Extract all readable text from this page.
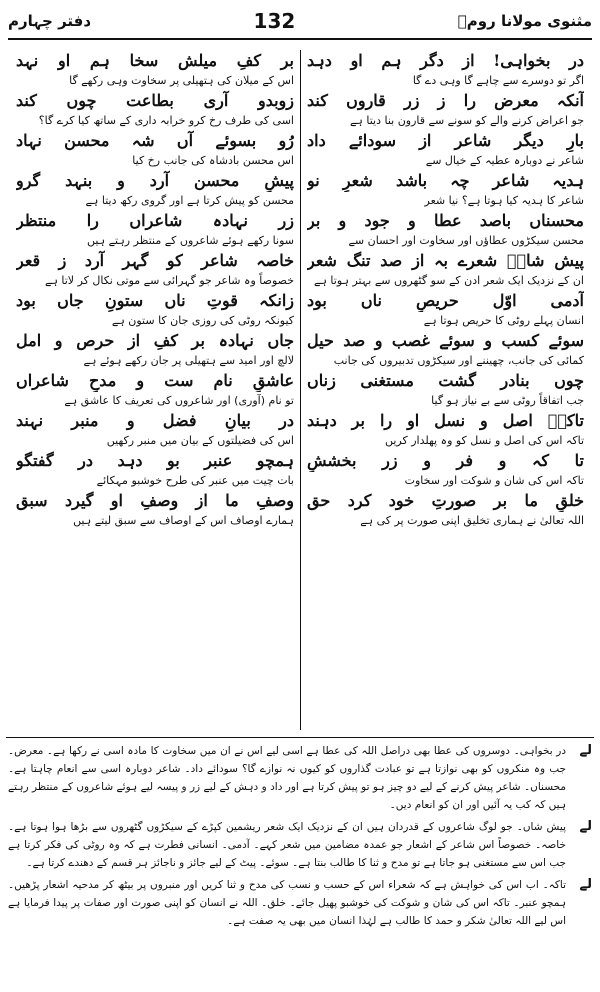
دفتر چہارم	132	مثنوی مولانا رومؒ
در بخواہی! از دگر ہم او دہد
اگر تو دوسرے سے چاہے گا وہی دے گا
آنکہ معرض را ز زر قاروں کند
جو اعراض کرنے والے کو سونے سے قارون بنا دیتا ہے
بارِ دیگر شاعر از سودائے داد
شاعر نے دوبارہ عطیہ کے خیال سے
ہدیہ شاعر چہ باشد شعرِ نو
شاعر کا ہدیہ کیا ہوتا ہے؟ نیا شعر
محسناں باصد عطا و جود و بر
محسن سیکڑوں عطاؤں اور سخاوت اور احسان سے
پیش شاںؔ شعرے بہ از صد تنگ شعر
ان کے نزدیک ایک شعر ادن کے سو گٹھروں سے بہتر ہوتا ہے
آدمی اوّل حریصِ ناں بود
انسان پہلے روٹی کا حریص ہوتا ہے
سوئے کسب و سوئے غصب و صد حیل
کمائی کی جانب، چھیننے اور سیکڑوں تدبیروں کی جانب
چوں بنادر گشت مستغنی زناں
جب اتفاقاً روٹی سے بے نیاز ہو گیا
تاکہؔ اصل و نسل او را بر دہند
تاکہ اس کی اصل و نسل کو وہ پھلدار کریں
تا کہ و فر و زر بخششِ
تاکہ اس کی شان و شوکت اور سخاوت
خلقِ ما بر صورتِ خود کرد حق
اللہ تعالیٰ نے ہماری تخلیق اپنی صورت پر کی ہے
بر کفِ میلش سخا ہم او نہد
اس کے میلان کی ہتھیلی پر سخاوت وہی رکھے گا
زوبدو آری بطاعت چوں کند
اسی کی طرف رخ کرو خرابہ داری کے ساتھ کیا کرے گا؟
رُو بسوئے آں شہ محسن نہاد
اس محسن بادشاہ کی جانب رخ کیا
پیشِ محسن آرد و بنہد گرو
محسن کو پیش کرتا ہے اور گروی رکھ دیتا ہے
زر نہادہ شاعراں را منتظر
سونا رکھے ہوئے شاعروں کے منتظر رہتے ہیں
خاصہ شاعر کو گہر آرد ز قعر
خصوصاً وہ شاعر جو گہرائی سے موتی نکال کر لاتا ہے
زانکہ قوتِ ناں ستونِ جاں بود
کیونکہ روٹی کی روزی جان کا ستون ہے
جاں نہادہ بر کفِ از حرص و امل
لالچ اور امید سے ہتھیلی پر جان رکھے ہوئے ہے
عاشقِ نام ست و مدحِ شاعراں
تو نام (آوری) اور شاعروں کی تعریف کا عاشق ہے
در بیانِ فضل و منبر نہند
اس کی فضیلتوں کے بیان میں منبر رکھیں
ہمچو عنبر بو دہد در گفتگو
بات چیت میں عنبر کی طرح خوشبو مہکائے
وصفِ ما از وصفِ او گیرد سبق
ہمارے اوصاف اس کے اوصاف سے سبق لیتے ہیں
لے
در بخواہی۔ دوسروں کی عطا بھی دراصل اللہ کی عطا ہے اسی لیے اس نے ان میں سخاوت کا مادہ اسی نے رکھا ہے۔ معرض۔ جب وہ منکروں کو بھی نوازتا ہے تو عبادت گذاروں کو کیوں نہ نوازے گا؟ سودائے داد۔ شاعر دوبارہ اسی سے انعام چاہتا ہے۔ محسناں۔ شاعر پیش کرنے کے لیے دو چیز ہو تو پیش کرتا ہے اور داد و دہش کے لیے زر و پیسہ لیے ہوئے شاعروں کے منتظر رہتے ہیں کہ کب یہ آئیں اور ان کو انعام دیں۔
لے
پیش شاں۔ جو لوگ شاعروں کے قدردان ہیں ان کے نزدیک ایک شعر ریشمین کپڑے کے سیکڑوں گٹھروں سے بڑھا ہوا ہوتا ہے۔ خاصہ۔ خصوصاً اس شاعر کے اشعار جو عمدہ مضامین میں شعر کہے۔ آدمی۔ انسانی فطرت ہے کہ وہ روٹی کی فکر کرتا ہے جب اس سے مستغنی ہو جاتا ہے تو مدح و ثنا کا طالب بنتا ہے۔ سوئے۔ پیٹ کے لیے جائز و ناجائز ہر قسم کے دھندے کرتا ہے۔
لے
تاکہ۔ اب اس کی خواہش ہے کہ شعراء اس کے حسب و نسب کی مدح و ثنا کریں اور منبروں پر بیٹھ کر مدحیہ اشعار پڑھیں۔ ہمچو عنبر۔ تاکہ اس کی شان و شوکت کی خوشبو پھیل جائے۔ خلق۔ اللہ نے انسان کو اپنی صورت اور صفات پر پیدا فرمایا ہے اس لیے اللہ تعالیٰ شکر و حمد کا طالب ہے لہٰذا انسان میں بھی یہ صفت ہے۔
